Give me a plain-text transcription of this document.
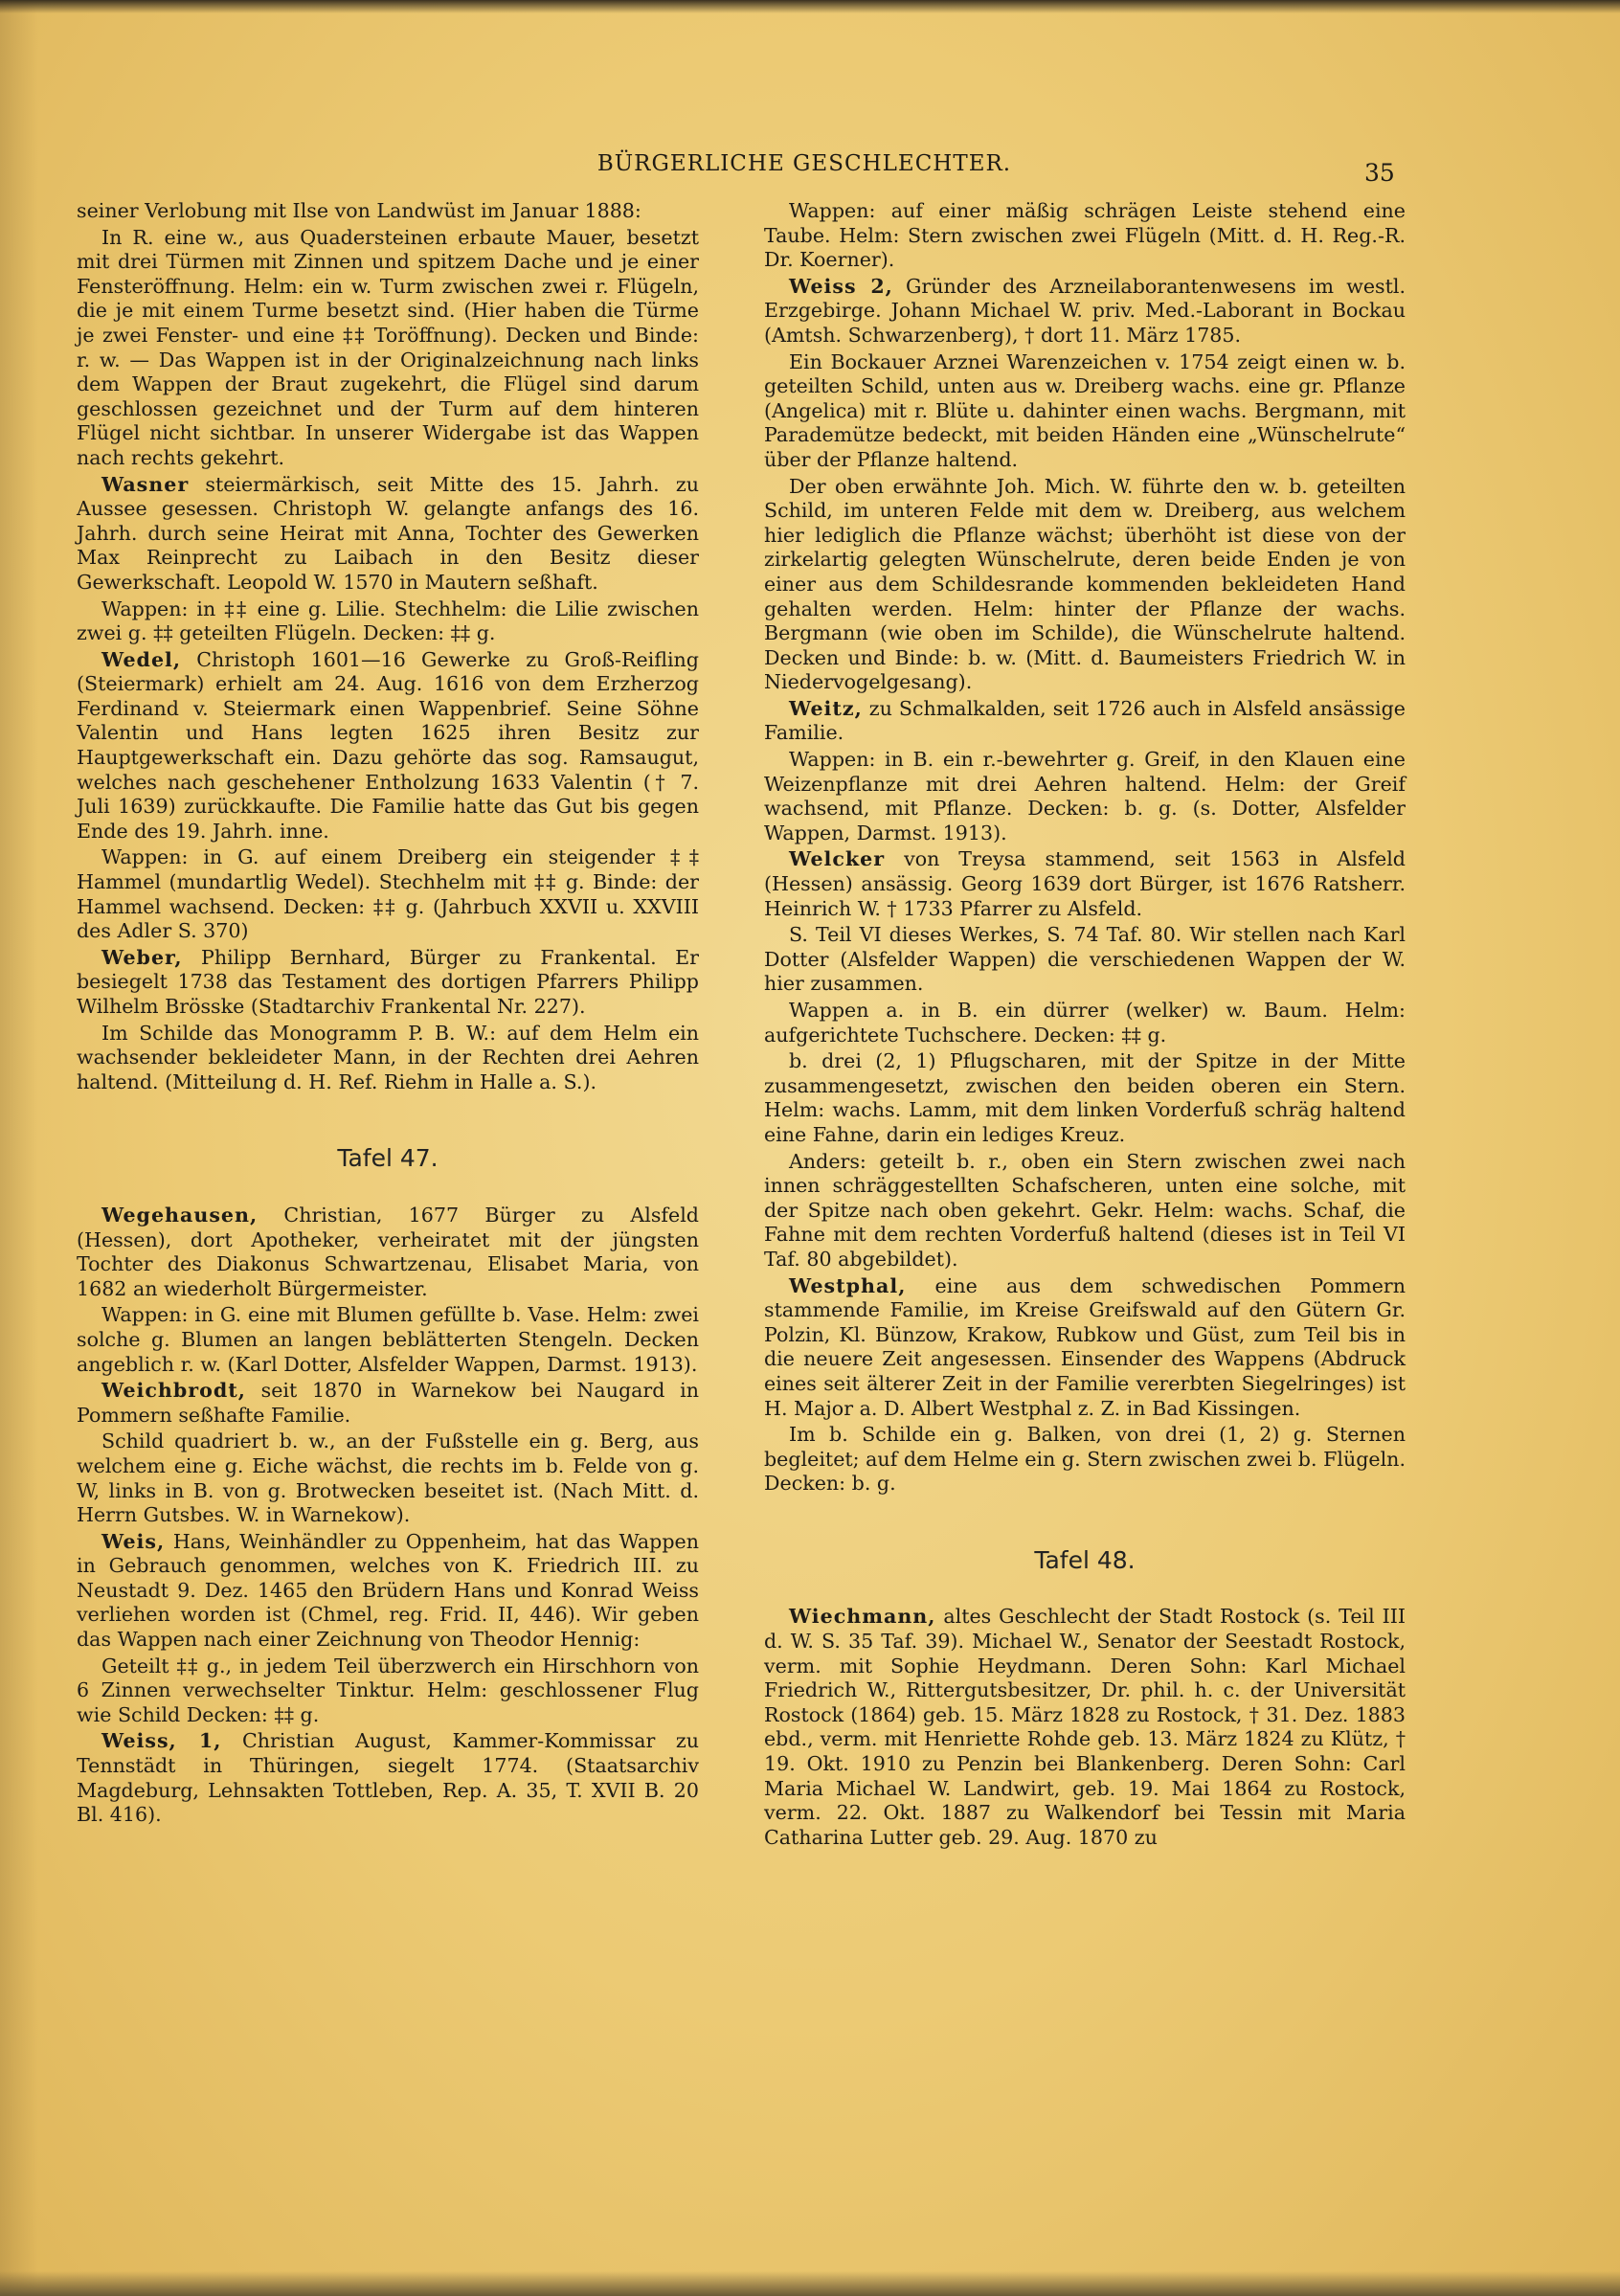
BÜRGERLICHE GESCHLECHTER.	35

seiner Verlobung mit Ilse von Landwüst im Januar 1888:

In R. eine w., aus Quadersteinen erbaute Mauer, besetzt mit drei Türmen mit Zinnen und spitzem Dache und je einer Fensteröffnung. Helm: ein w. Turm zwischen zwei r. Flügeln, die je mit einem Turme besetzt sind. (Hier haben die Türme je zwei Fenster- und eine ‡‡ Toröffnung). Decken und Binde: r. w. — Das Wappen ist in der Originalzeichnung nach links dem Wappen der Braut zugekehrt, die Flügel sind darum geschlossen gezeichnet und der Turm auf dem hinteren Flügel nicht sichtbar. In unserer Widergabe ist das Wappen nach rechts gekehrt.

Wasner steiermärkisch, seit Mitte des 15. Jahrh. zu Aussee gesessen. Christoph W. gelangte anfangs des 16. Jahrh. durch seine Heirat mit Anna, Tochter des Gewerken Max Reinprecht zu Laibach in den Besitz dieser Gewerkschaft. Leopold W. 1570 in Mautern seßhaft.

Wappen: in ‡‡ eine g. Lilie. Stechhelm: die Lilie zwischen zwei g. ‡‡ geteilten Flügeln. Decken: ‡‡ g.

Wedel, Christoph 1601—16 Gewerke zu Groß-Reifling (Steiermark) erhielt am 24. Aug. 1616 von dem Erzherzog Ferdinand v. Steiermark einen Wappenbrief. Seine Söhne Valentin und Hans legten 1625 ihren Besitz zur Hauptgewerkschaft ein. Dazu gehörte das sog. Ramsaugut, welches nach geschehener Entholzung 1633 Valentin († 7. Juli 1639) zurückkaufte. Die Familie hatte das Gut bis gegen Ende des 19. Jahrh. inne.

Wappen: in G. auf einem Dreiberg ein steigender ‡‡ Hammel (mundartlig Wedel). Stechhelm mit ‡‡ g. Binde: der Hammel wachsend. Decken: ‡‡ g. (Jahrbuch XXVII u. XXVIII des Adler S. 370)

Weber, Philipp Bernhard, Bürger zu Frankental. Er besiegelt 1738 das Testament des dortigen Pfarrers Philipp Wilhelm Brösske (Stadtarchiv Frankental Nr. 227).

Im Schilde das Monogramm P. B. W.: auf dem Helm ein wachsender bekleideter Mann, in der Rechten drei Aehren haltend. (Mitteilung d. H. Ref. Riehm in Halle a. S.).

Tafel 47.

Wegehausen, Christian, 1677 Bürger zu Alsfeld (Hessen), dort Apotheker, verheiratet mit der jüngsten Tochter des Diakonus Schwartzenau, Elisabet Maria, von 1682 an wiederholt Bürgermeister.

Wappen: in G. eine mit Blumen gefüllte b. Vase. Helm: zwei solche g. Blumen an langen beblätterten Stengeln. Decken angeblich r. w. (Karl Dotter, Alsfelder Wappen, Darmst. 1913).

Weichbrodt, seit 1870 in Warnekow bei Naugard in Pommern seßhafte Familie.

Schild quadriert b. w., an der Fußstelle ein g. Berg, aus welchem eine g. Eiche wächst, die rechts im b. Felde von g. W, links in B. von g. Brotwecken beseitet ist. (Nach Mitt. d. Herrn Gutsbes. W. in Warnekow).

Weis, Hans, Weinhändler zu Oppenheim, hat das Wappen in Gebrauch genommen, welches von K. Friedrich III. zu Neustadt 9. Dez. 1465 den Brüdern Hans und Konrad Weiss verliehen worden ist (Chmel, reg. Frid. II, 446). Wir geben das Wappen nach einer Zeichnung von Theodor Hennig:

Geteilt ‡‡ g., in jedem Teil überzwerch ein Hirschhorn von 6 Zinnen verwechselter Tinktur. Helm: geschlossener Flug wie Schild Decken: ‡‡ g.

Weiss, 1, Christian August, Kammer-Kommissar zu Tennstädt in Thüringen, siegelt 1774. (Staatsarchiv Magdeburg, Lehnsakten Tottleben, Rep. A. 35, T. XVII B. 20 Bl. 416).

Wappen: auf einer mäßig schrägen Leiste stehend eine Taube. Helm: Stern zwischen zwei Flügeln (Mitt. d. H. Reg.-R. Dr. Koerner).

Weiss 2, Gründer des Arzneilaborantenwesens im westl. Erzgebirge. Johann Michael W. priv. Med.-Laborant in Bockau (Amtsh. Schwarzenberg), † dort 11. März 1785.

Ein Bockauer Arznei Warenzeichen v. 1754 zeigt einen w. b. geteilten Schild, unten aus w. Dreiberg wachs. eine gr. Pflanze (Angelica) mit r. Blüte u. dahinter einen wachs. Bergmann, mit Parademütze bedeckt, mit beiden Händen eine „Wünschelrute“ über der Pflanze haltend.

Der oben erwähnte Joh. Mich. W. führte den w. b. geteilten Schild, im unteren Felde mit dem w. Dreiberg, aus welchem hier lediglich die Pflanze wächst; überhöht ist diese von der zirkelartig gelegten Wünschelrute, deren beide Enden je von einer aus dem Schildesrande kommenden bekleideten Hand gehalten werden. Helm: hinter der Pflanze der wachs. Bergmann (wie oben im Schilde), die Wünschelrute haltend. Decken und Binde: b. w. (Mitt. d. Baumeisters Friedrich W. in Niedervogelgesang).

Weitz, zu Schmalkalden, seit 1726 auch in Alsfeld ansässige Familie.

Wappen: in B. ein r.-bewehrter g. Greif, in den Klauen eine Weizenpflanze mit drei Aehren haltend. Helm: der Greif wachsend, mit Pflanze. Decken: b. g. (s. Dotter, Alsfelder Wappen, Darmst. 1913).

Welcker von Treysa stammend, seit 1563 in Alsfeld (Hessen) ansässig. Georg 1639 dort Bürger, ist 1676 Ratsherr. Heinrich W. † 1733 Pfarrer zu Alsfeld.

S. Teil VI dieses Werkes, S. 74 Taf. 80. Wir stellen nach Karl Dotter (Alsfelder Wappen) die verschiedenen Wappen der W. hier zusammen.

Wappen a. in B. ein dürrer (welker) w. Baum. Helm: aufgerichtete Tuchschere. Decken: ‡‡ g.

b. drei (2, 1) Pflugscharen, mit der Spitze in der Mitte zusammengesetzt, zwischen den beiden oberen ein Stern. Helm: wachs. Lamm, mit dem linken Vorderfuß schräg haltend eine Fahne, darin ein lediges Kreuz.

Anders: geteilt b. r., oben ein Stern zwischen zwei nach innen schräggestellten Schafscheren, unten eine solche, mit der Spitze nach oben gekehrt. Gekr. Helm: wachs. Schaf, die Fahne mit dem rechten Vorderfuß haltend (dieses ist in Teil VI Taf. 80 abgebildet).

Westphal, eine aus dem schwedischen Pommern stammende Familie, im Kreise Greifswald auf den Gütern Gr. Polzin, Kl. Bünzow, Krakow, Rubkow und Güst, zum Teil bis in die neuere Zeit angesessen. Einsender des Wappens (Abdruck eines seit älterer Zeit in der Familie vererbten Siegelringes) ist H. Major a. D. Albert Westphal z. Z. in Bad Kissingen.

Im b. Schilde ein g. Balken, von drei (1, 2) g. Sternen begleitet; auf dem Helme ein g. Stern zwischen zwei b. Flügeln. Decken: b. g.

Tafel 48.

Wiechmann, altes Geschlecht der Stadt Rostock (s. Teil III d. W. S. 35 Taf. 39). Michael W., Senator der Seestadt Rostock, verm. mit Sophie Heydmann. Deren Sohn: Karl Michael Friedrich W., Rittergutsbesitzer, Dr. phil. h. c. der Universität Rostock (1864) geb. 15. März 1828 zu Rostock, † 31. Dez. 1883 ebd., verm. mit Henriette Rohde geb. 13. März 1824 zu Klütz, † 19. Okt. 1910 zu Penzin bei Blankenberg. Deren Sohn: Carl Maria Michael W. Landwirt, geb. 19. Mai 1864 zu Rostock, verm. 22. Okt. 1887 zu Walkendorf bei Tessin mit Maria Catharina Lutter geb. 29. Aug. 1870 zu
